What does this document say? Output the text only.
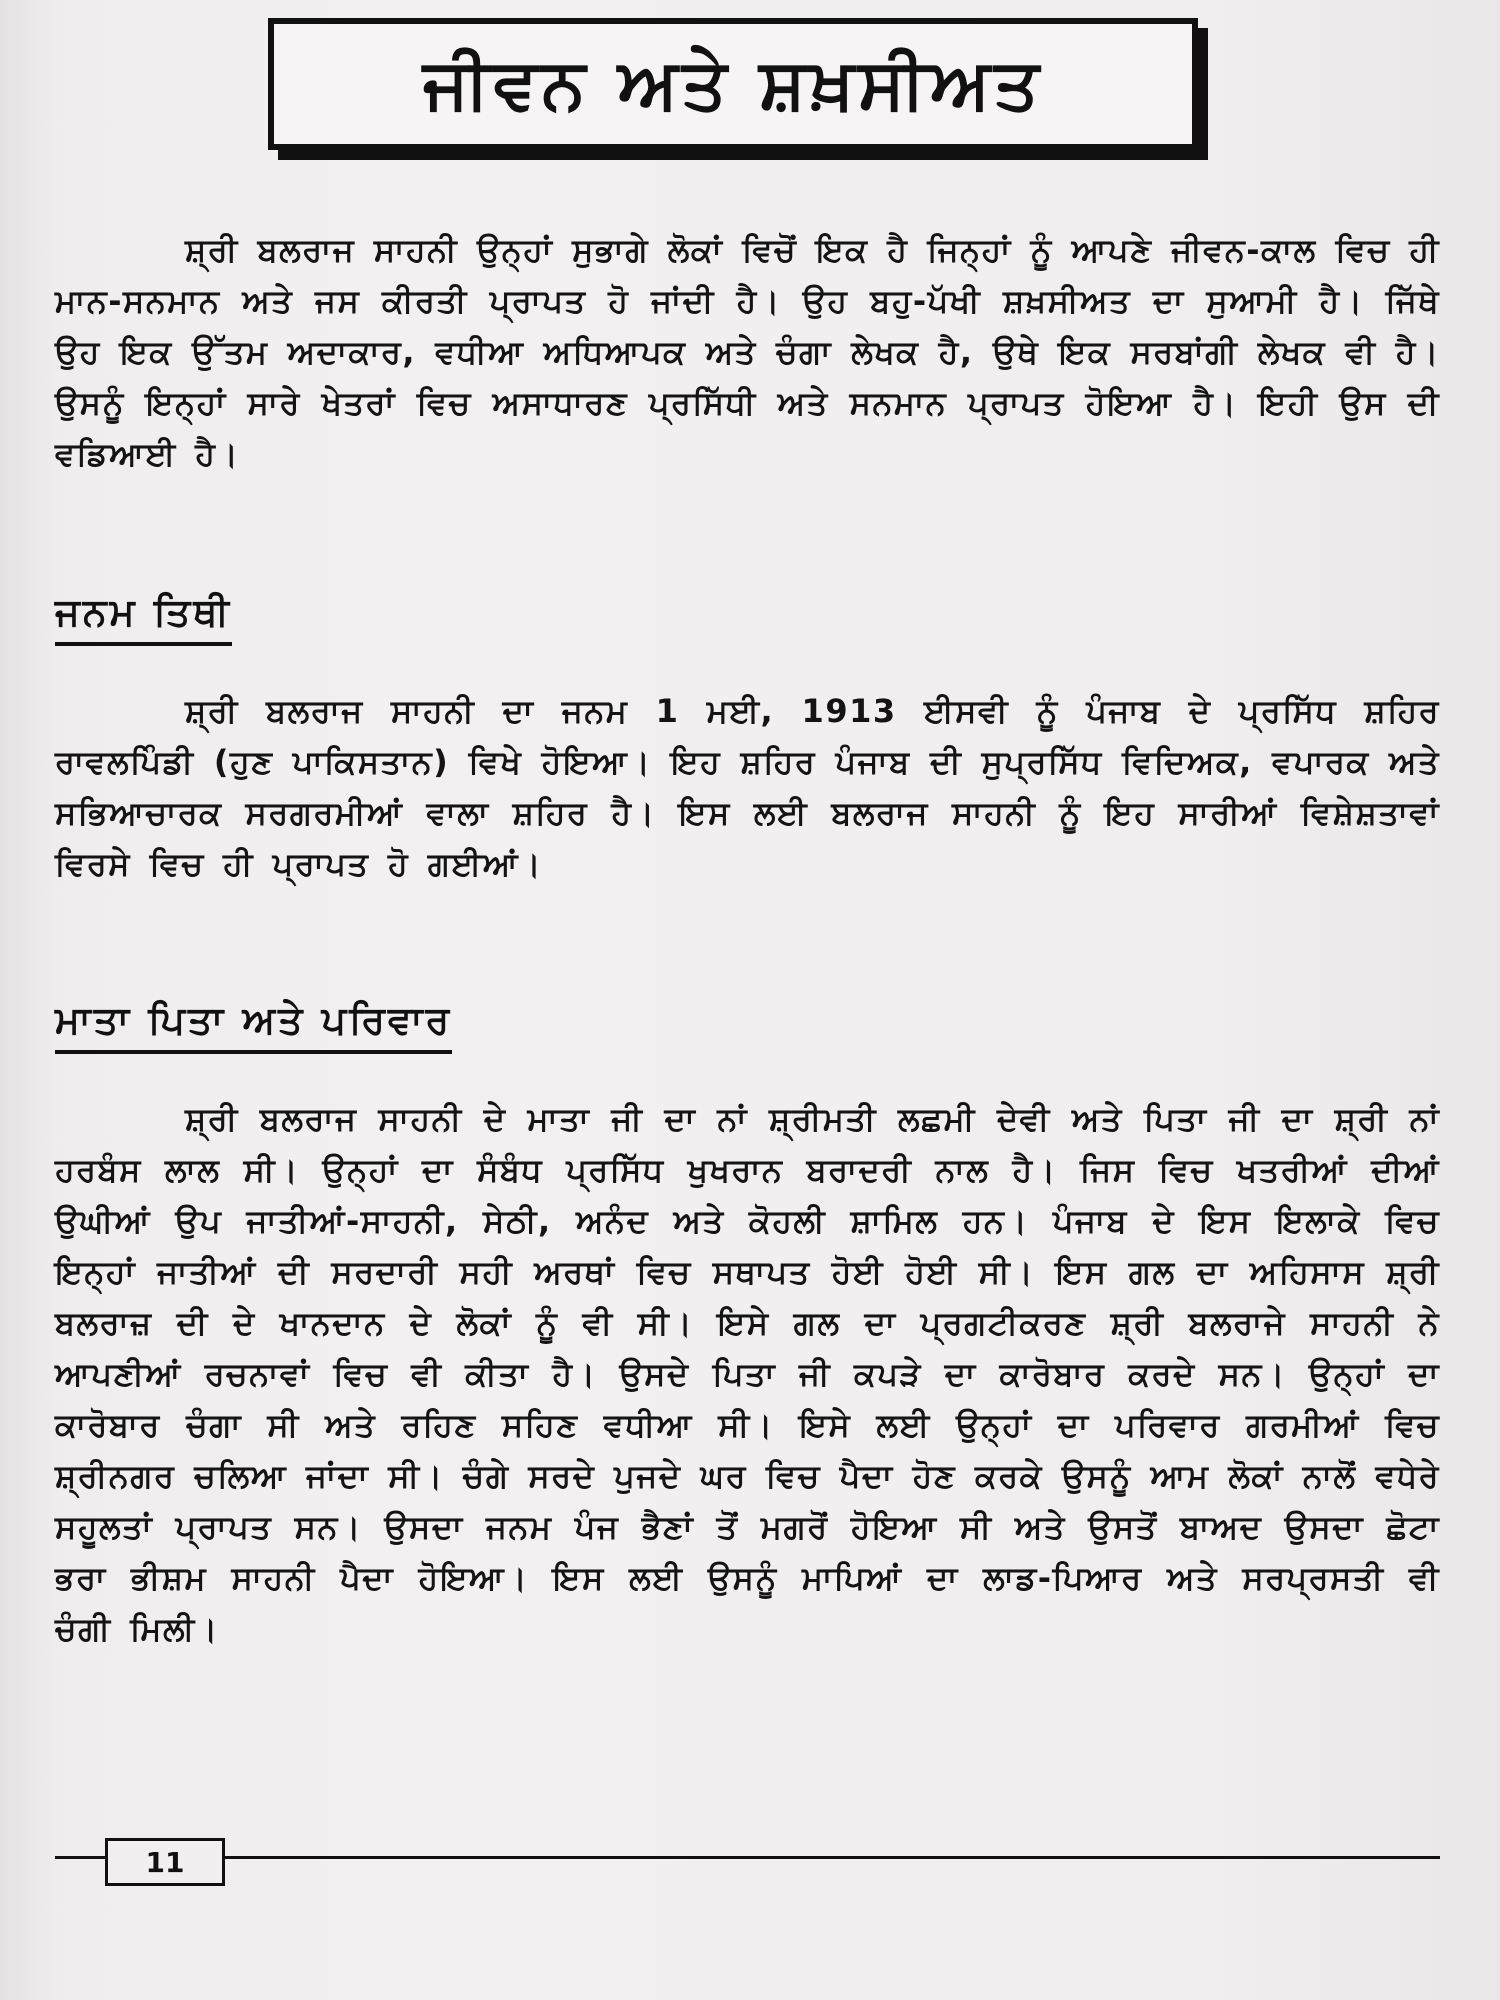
ਜੀਵਨ ਅਤੇ ਸ਼ਖ਼ਸੀਅਤ

ਸ਼੍ਰੀ ਬਲਰਾਜ ਸਾਹਨੀ ਉਨ੍ਹਾਂ ਸੁਭਾਗੇ ਲੋਕਾਂ ਵਿਚੋਂ ਇਕ ਹੈ ਜਿਨ੍ਹਾਂ ਨੂੰ ਆਪਣੇ ਜੀਵਨ-ਕਾਲ ਵਿਚ ਹੀ ਮਾਨ-ਸਨਮਾਨ ਅਤੇ ਜਸ ਕੀਰਤੀ ਪ੍ਰਾਪਤ ਹੋ ਜਾਂਦੀ ਹੈ। ਉਹ ਬਹੁ-ਪੱਖੀ ਸ਼ਖ਼ਸੀਅਤ ਦਾ ਸੁਆਮੀ ਹੈ। ਜਿੱਥੇ ਉਹ ਇਕ ਉੱਤਮ ਅਦਾਕਾਰ, ਵਧੀਆ ਅਧਿਆਪਕ ਅਤੇ ਚੰਗਾ ਲੇਖਕ ਹੈ, ਉਥੇ ਇਕ ਸਰਬਾਂਗੀ ਲੇਖਕ ਵੀ ਹੈ। ਉਸਨੂੰ ਇਨ੍ਹਾਂ ਸਾਰੇ ਖੇਤਰਾਂ ਵਿਚ ਅਸਾਧਾਰਣ ਪ੍ਰਸਿੱਧੀ ਅਤੇ ਸਨਮਾਨ ਪ੍ਰਾਪਤ ਹੋਇਆ ਹੈ। ਇਹੀ ਉਸ ਦੀ ਵਡਿਆਈ ਹੈ।

ਜਨਮ ਤਿਥੀ

ਸ਼੍ਰੀ ਬਲਰਾਜ ਸਾਹਨੀ ਦਾ ਜਨਮ 1 ਮਈ, 1913 ਈਸਵੀ ਨੂੰ ਪੰਜਾਬ ਦੇ ਪ੍ਰਸਿੱਧ ਸ਼ਹਿਰ ਰਾਵਲਪਿੰਡੀ (ਹੁਣ ਪਾਕਿਸਤਾਨ) ਵਿਖੇ ਹੋਇਆ। ਇਹ ਸ਼ਹਿਰ ਪੰਜਾਬ ਦੀ ਸੁਪ੍ਰਸਿੱਧ ਵਿਦਿਅਕ, ਵਪਾਰਕ ਅਤੇ ਸਭਿਆਚਾਰਕ ਸਰਗਰਮੀਆਂ ਵਾਲਾ ਸ਼ਹਿਰ ਹੈ। ਇਸ ਲਈ ਬਲਰਾਜ ਸਾਹਨੀ ਨੂੰ ਇਹ ਸਾਰੀਆਂ ਵਿਸ਼ੇਸ਼ਤਾਵਾਂ ਵਿਰਸੇ ਵਿਚ ਹੀ ਪ੍ਰਾਪਤ ਹੋ ਗਈਆਂ।

ਮਾਤਾ ਪਿਤਾ ਅਤੇ ਪਰਿਵਾਰ

ਸ਼੍ਰੀ ਬਲਰਾਜ ਸਾਹਨੀ ਦੇ ਮਾਤਾ ਜੀ ਦਾ ਨਾਂ ਸ਼੍ਰੀਮਤੀ ਲਛਮੀ ਦੇਵੀ ਅਤੇ ਪਿਤਾ ਜੀ ਦਾ ਸ਼੍ਰੀ ਨਾਂ ਹਰਬੰਸ ਲਾਲ ਸੀ। ਉਨ੍ਹਾਂ ਦਾ ਸੰਬੰਧ ਪ੍ਰਸਿੱਧ ਖੁਖਰਾਨ ਬਰਾਦਰੀ ਨਾਲ ਹੈ। ਜਿਸ ਵਿਚ ਖਤਰੀਆਂ ਦੀਆਂ ਉਘੀਆਂ ਉਪ ਜਾਤੀਆਂ-ਸਾਹਨੀ, ਸੇਠੀ, ਅਨੰਦ ਅਤੇ ਕੋਹਲੀ ਸ਼ਾਮਿਲ ਹਨ। ਪੰਜਾਬ ਦੇ ਇਸ ਇਲਾਕੇ ਵਿਚ ਇਨ੍ਹਾਂ ਜਾਤੀਆਂ ਦੀ ਸਰਦਾਰੀ ਸਹੀ ਅਰਥਾਂ ਵਿਚ ਸਥਾਪਤ ਹੋਈ ਹੋਈ ਸੀ। ਇਸ ਗਲ ਦਾ ਅਹਿਸਾਸ ਸ਼੍ਰੀ ਬਲਰਾਜ਼ ਦੀ ਦੇ ਖਾਨਦਾਨ ਦੇ ਲੋਕਾਂ ਨੂੰ ਵੀ ਸੀ। ਇਸੇ ਗਲ ਦਾ ਪ੍ਰਗਟੀਕਰਣ ਸ਼੍ਰੀ ਬਲਰਾਜੇ ਸਾਹਨੀ ਨੇ ਆਪਣੀਆਂ ਰਚਨਾਵਾਂ ਵਿਚ ਵੀ ਕੀਤਾ ਹੈ। ਉਸਦੇ ਪਿਤਾ ਜੀ ਕਪੜੇ ਦਾ ਕਾਰੋਬਾਰ ਕਰਦੇ ਸਨ। ਉਨ੍ਹਾਂ ਦਾ ਕਾਰੋਬਾਰ ਚੰਗਾ ਸੀ ਅਤੇ ਰਹਿਣ ਸਹਿਣ ਵਧੀਆ ਸੀ। ਇਸੇ ਲਈ ਉਨ੍ਹਾਂ ਦਾ ਪਰਿਵਾਰ ਗਰਮੀਆਂ ਵਿਚ ਸ਼੍ਰੀਨਗਰ ਚਲਿਆ ਜਾਂਦਾ ਸੀ। ਚੰਗੇ ਸਰਦੇ ਪੁਜਦੇ ਘਰ ਵਿਚ ਪੈਦਾ ਹੋਣ ਕਰਕੇ ਉਸਨੂੰ ਆਮ ਲੋਕਾਂ ਨਾਲੋਂ ਵਧੇਰੇ ਸਹੂਲਤਾਂ ਪ੍ਰਾਪਤ ਸਨ। ਉਸਦਾ ਜਨਮ ਪੰਜ ਭੈਣਾਂ ਤੋਂ ਮਗਰੋਂ ਹੋਇਆ ਸੀ ਅਤੇ ਉਸਤੋਂ ਬਾਅਦ ਉਸਦਾ ਛੋਟਾ ਭਰਾ ਭੀਸ਼ਮ ਸਾਹਨੀ ਪੈਦਾ ਹੋਇਆ। ਇਸ ਲਈ ਉਸਨੂੰ ਮਾਪਿਆਂ ਦਾ ਲਾਡ-ਪਿਆਰ ਅਤੇ ਸਰਪ੍ਰਸਤੀ ਵੀ ਚੰਗੀ ਮਿਲੀ।

11
